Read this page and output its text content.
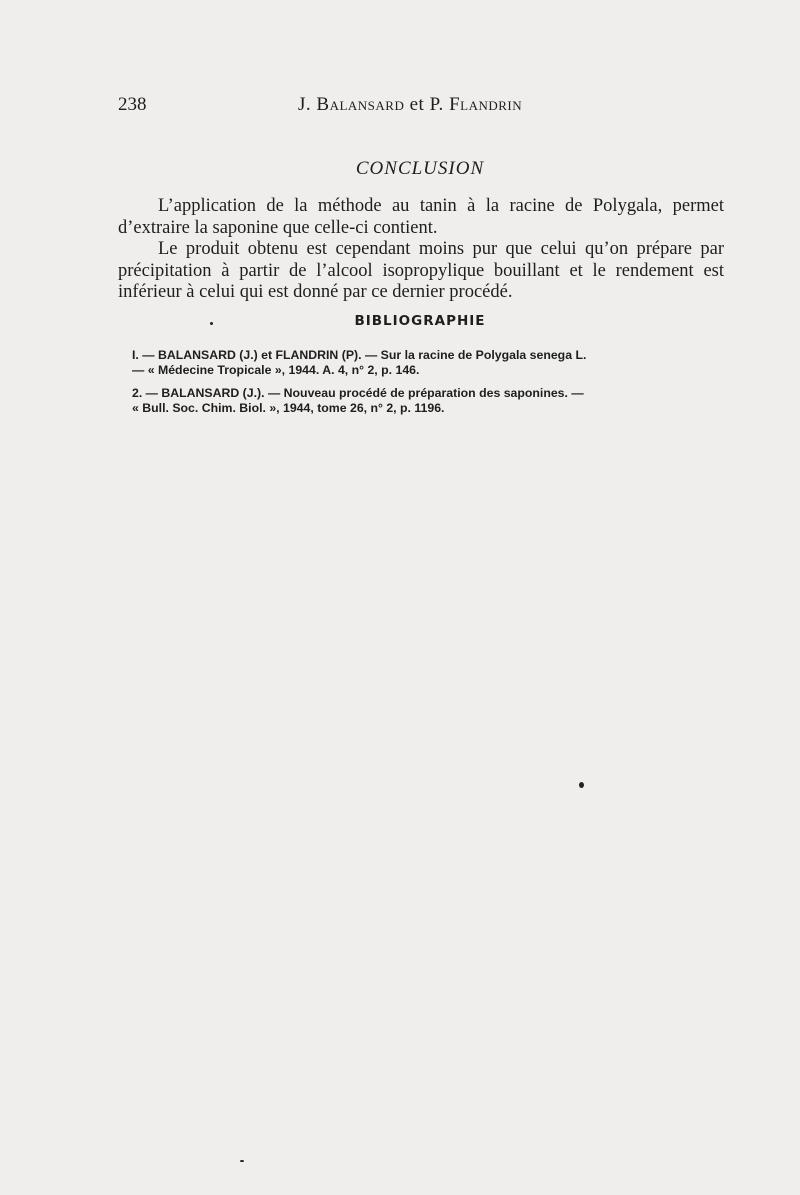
238	J. Balansard et P. Flandrin
CONCLUSION

L’application de la méthode au tanin à la racine de Polygala, permet d’extraire la saponine que celle-ci contient.

Le produit obtenu est cependant moins pur que celui qu’on prépare par précipitation à partir de l’alcool isopropylique bouillant et le rendement est inférieur à celui qui est donné par ce dernier procédé.

BIBLIOGRAPHIE
I. — BALANSARD (J.) et FLANDRIN (P). — Sur la racine de Polygala senega L.
— « Médecine Tropicale », 1944. A. 4, n° 2, p. 146.
2. — BALANSARD (J.). — Nouveau procédé de préparation des saponines. —
« Bull. Soc. Chim. Biol. », 1944, tome 26, n° 2, p. 1196.
